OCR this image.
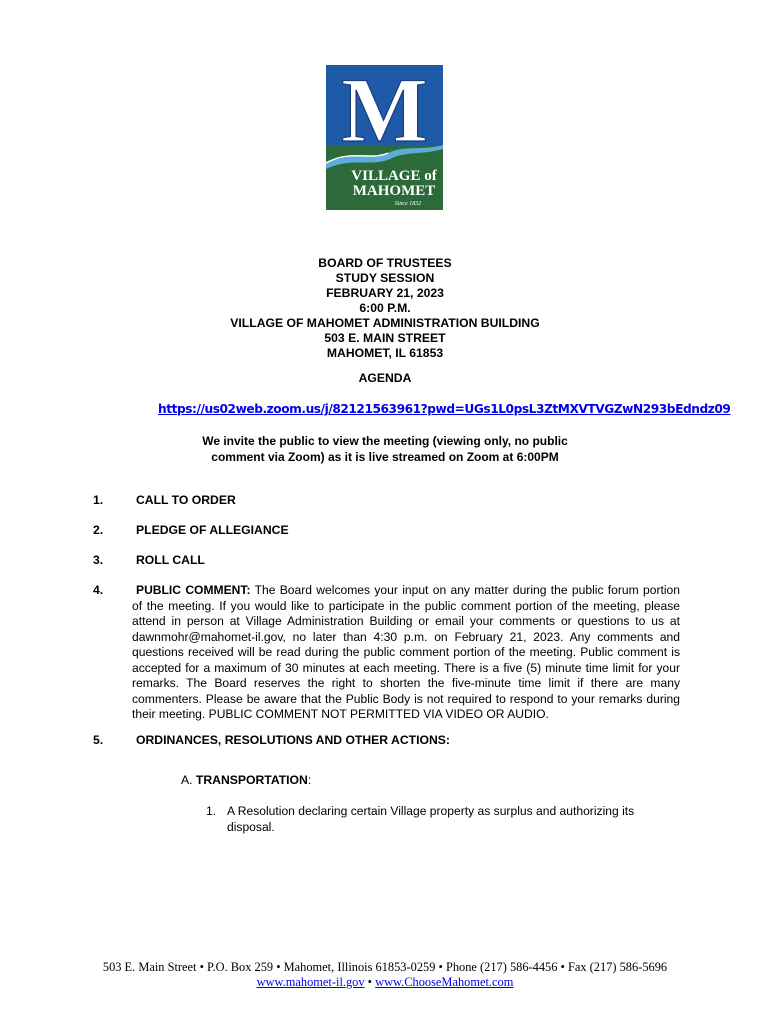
M
VILLAGE of
MAHOMET
Since 1832
BOARD OF TRUSTEES
STUDY SESSION
FEBRUARY 21, 2023
6:00 P.M.
VILLAGE OF MAHOMET ADMINISTRATION BUILDING
503 E. MAIN STREET
MAHOMET, IL 61853
AGENDA
https://us02web.zoom.us/j/82121563961?pwd=UGs1L0psL3ZtMXVTVGZwN293bEdndz09
We invite the public to view the meeting (viewing only, no public comment via Zoom) as it is live streamed on Zoom at 6:00PM
1.	CALL TO ORDER
2.	PLEDGE OF ALLEGIANCE
3.	ROLL CALL
4.	PUBLIC COMMENT: The Board welcomes your input on any matter during the public forum portion of the meeting. If you would like to participate in the public comment portion of the meeting, please attend in person at Village Administration Building or email your comments or questions to us at dawnmohr@mahomet-il.gov, no later than 4:30 p.m. on February 21, 2023. Any comments and questions received will be read during the public comment portion of the meeting. Public comment is accepted for a maximum of 30 minutes at each meeting. There is a five (5) minute time limit for your remarks. The Board reserves the right to shorten the five-minute time limit if there are many commenters. Please be aware that the Public Body is not required to respond to your remarks during their meeting. PUBLIC COMMENT NOT PERMITTED VIA VIDEO OR AUDIO.
5.	ORDINANCES, RESOLUTIONS AND OTHER ACTIONS:
A. TRANSPORTATION:
1. A Resolution declaring certain Village property as surplus and authorizing its disposal.
503 E. Main Street • P.O. Box 259 • Mahomet, Illinois 61853-0259 • Phone (217) 586-4456 • Fax (217) 586-5696
www.mahomet-il.gov • www.ChooseMahomet.com
